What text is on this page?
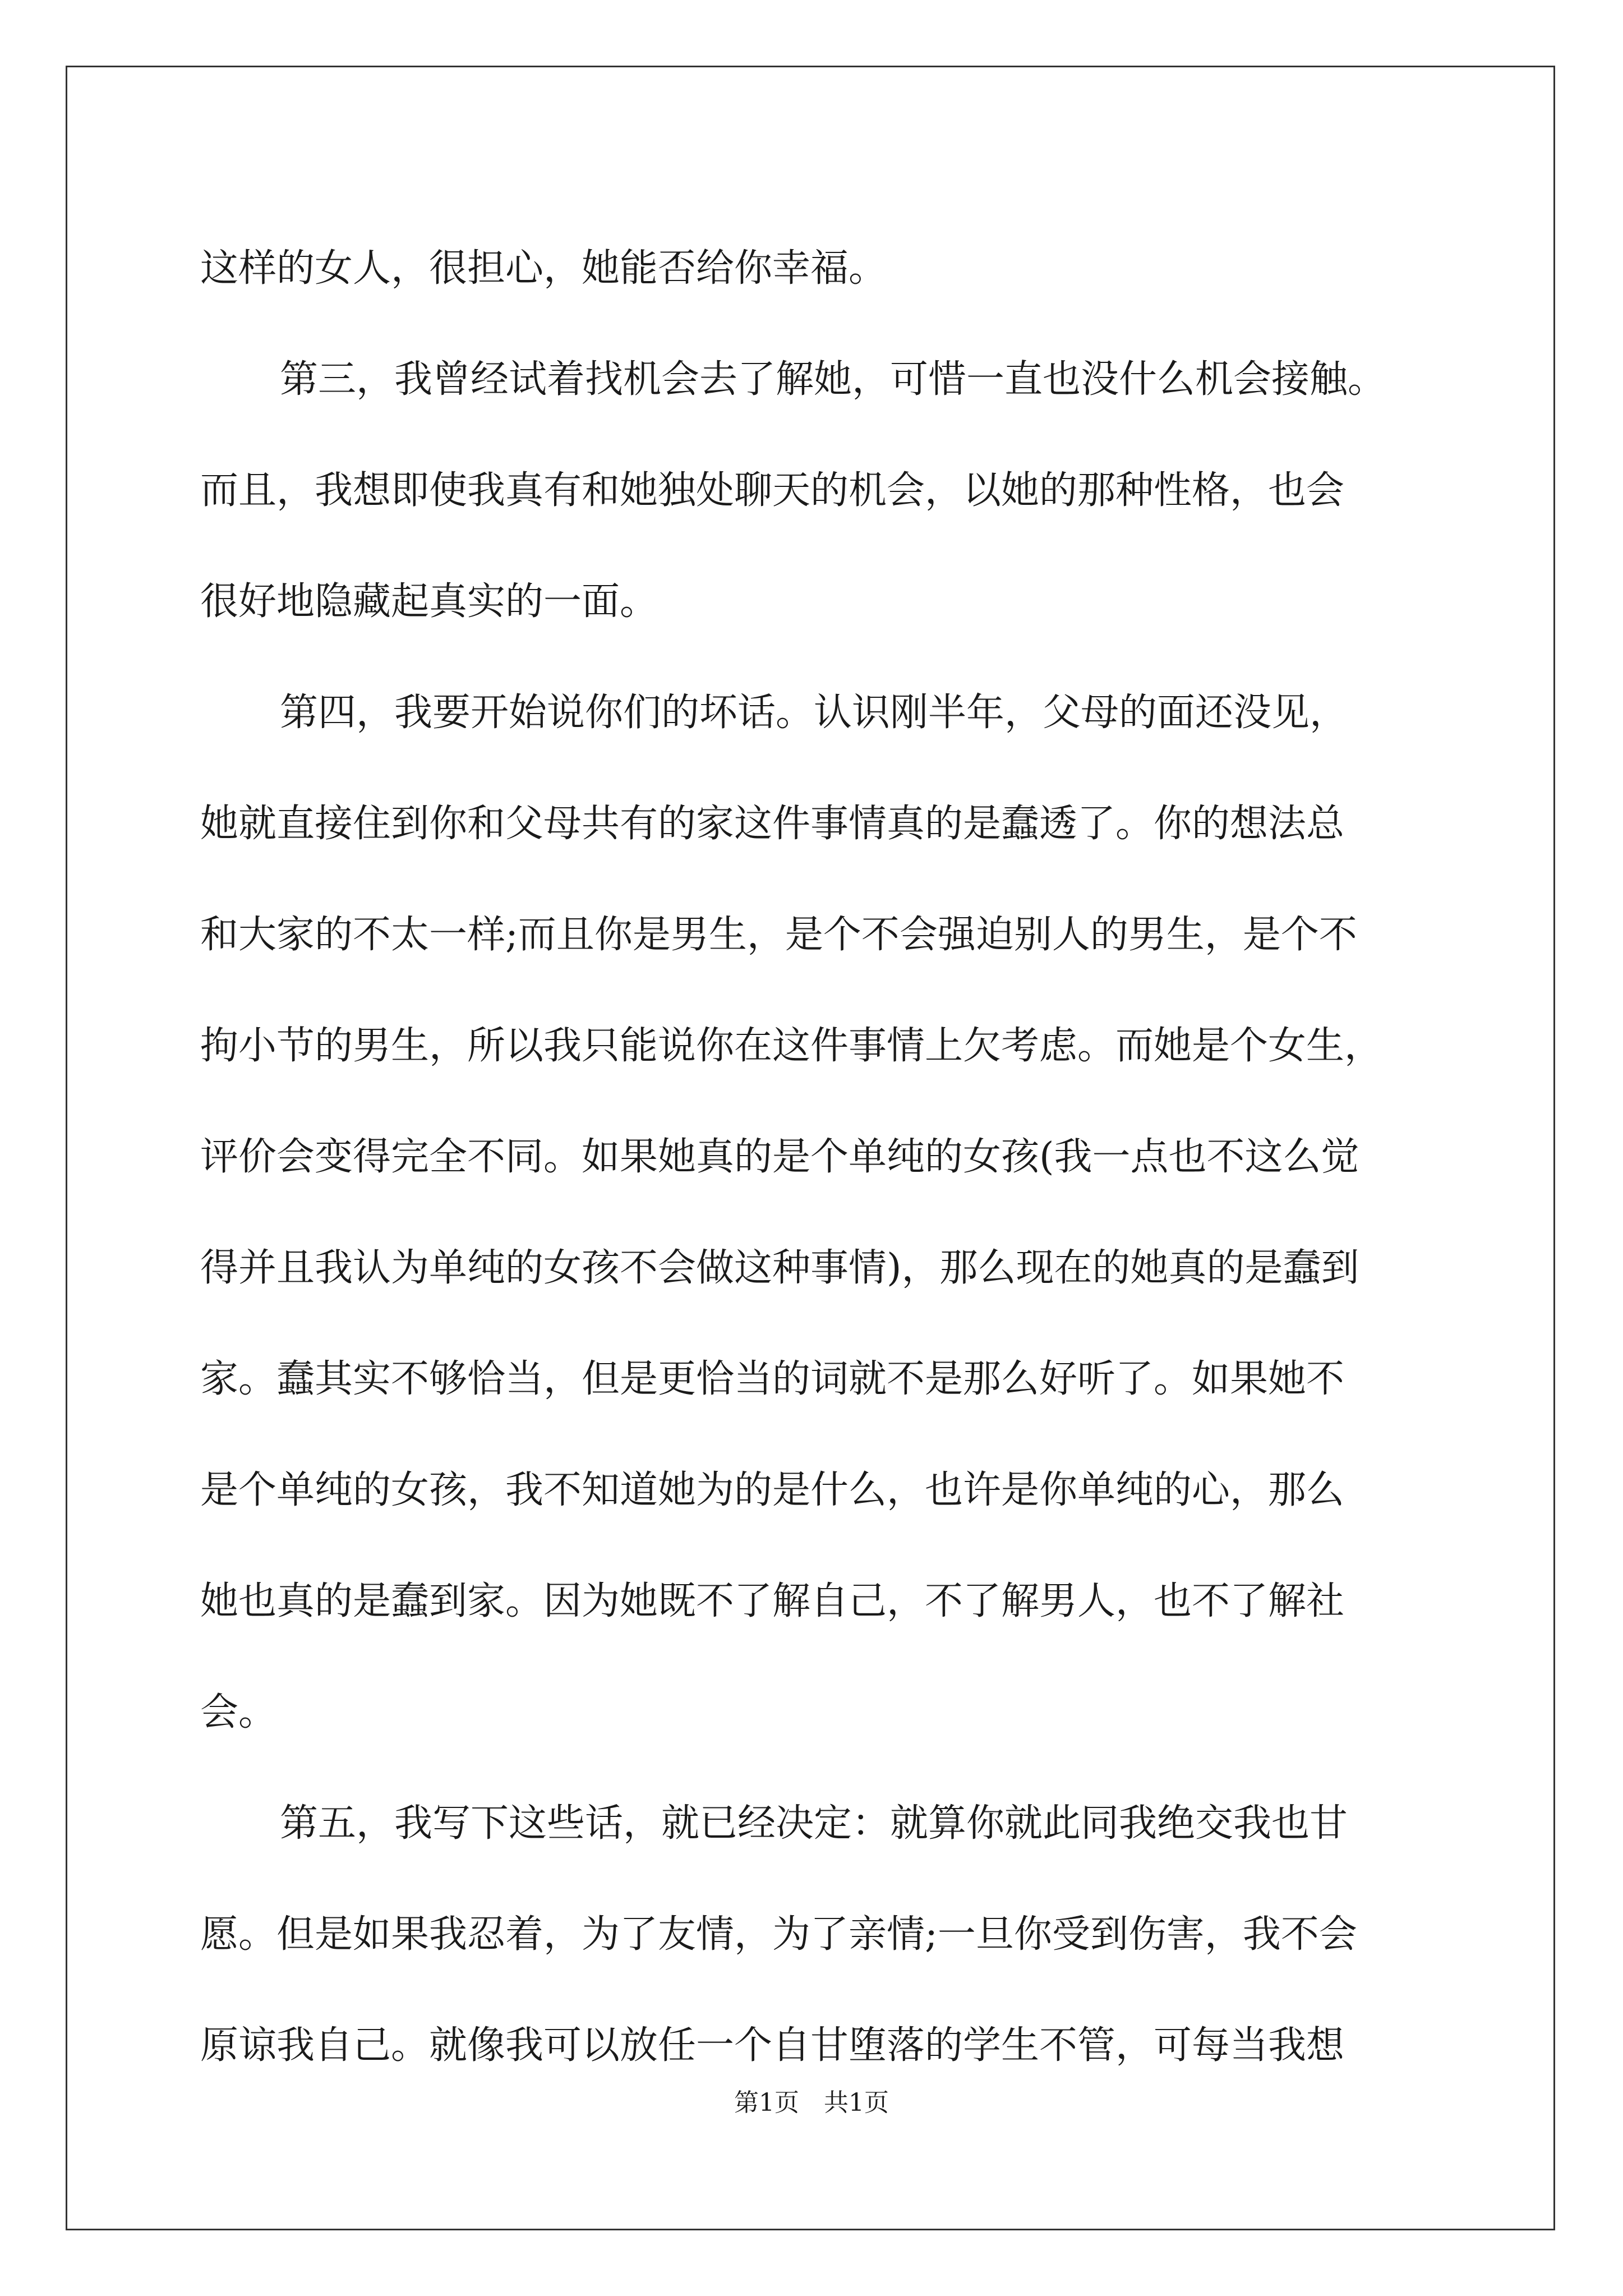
这样的女人，很担心，她能否给你幸福。
第三，我曾经试着找机会去了解她，可惜一直也没什么机会接触。
而且，我想即使我真有和她独处聊天的机会，以她的那种性格，也会
很好地隐藏起真实的一面。
第四，我要开始说你们的坏话。认识刚半年，父母的面还没见，
她就直接住到你和父母共有的家这件事情真的是蠢透了。你的想法总
和大家的不太一样;而且你是男生，是个不会强迫别人的男生，是个不
拘小节的男生，所以我只能说你在这件事情上欠考虑。而她是个女生，
评价会变得完全不同。如果她真的是个单纯的女孩(我一点也不这么觉
得并且我认为单纯的女孩不会做这种事情)，那么现在的她真的是蠢到
家。蠢其实不够恰当，但是更恰当的词就不是那么好听了。如果她不
是个单纯的女孩，我不知道她为的是什么，也许是你单纯的心，那么
她也真的是蠢到家。因为她既不了解自己，不了解男人，也不了解社
会。
第五，我写下这些话，就已经决定：就算你就此同我绝交我也甘
愿。但是如果我忍着，为了友情，为了亲情;一旦你受到伤害，我不会
原谅我自己。就像我可以放任一个自甘堕落的学生不管，可每当我想
第1页　共1页
